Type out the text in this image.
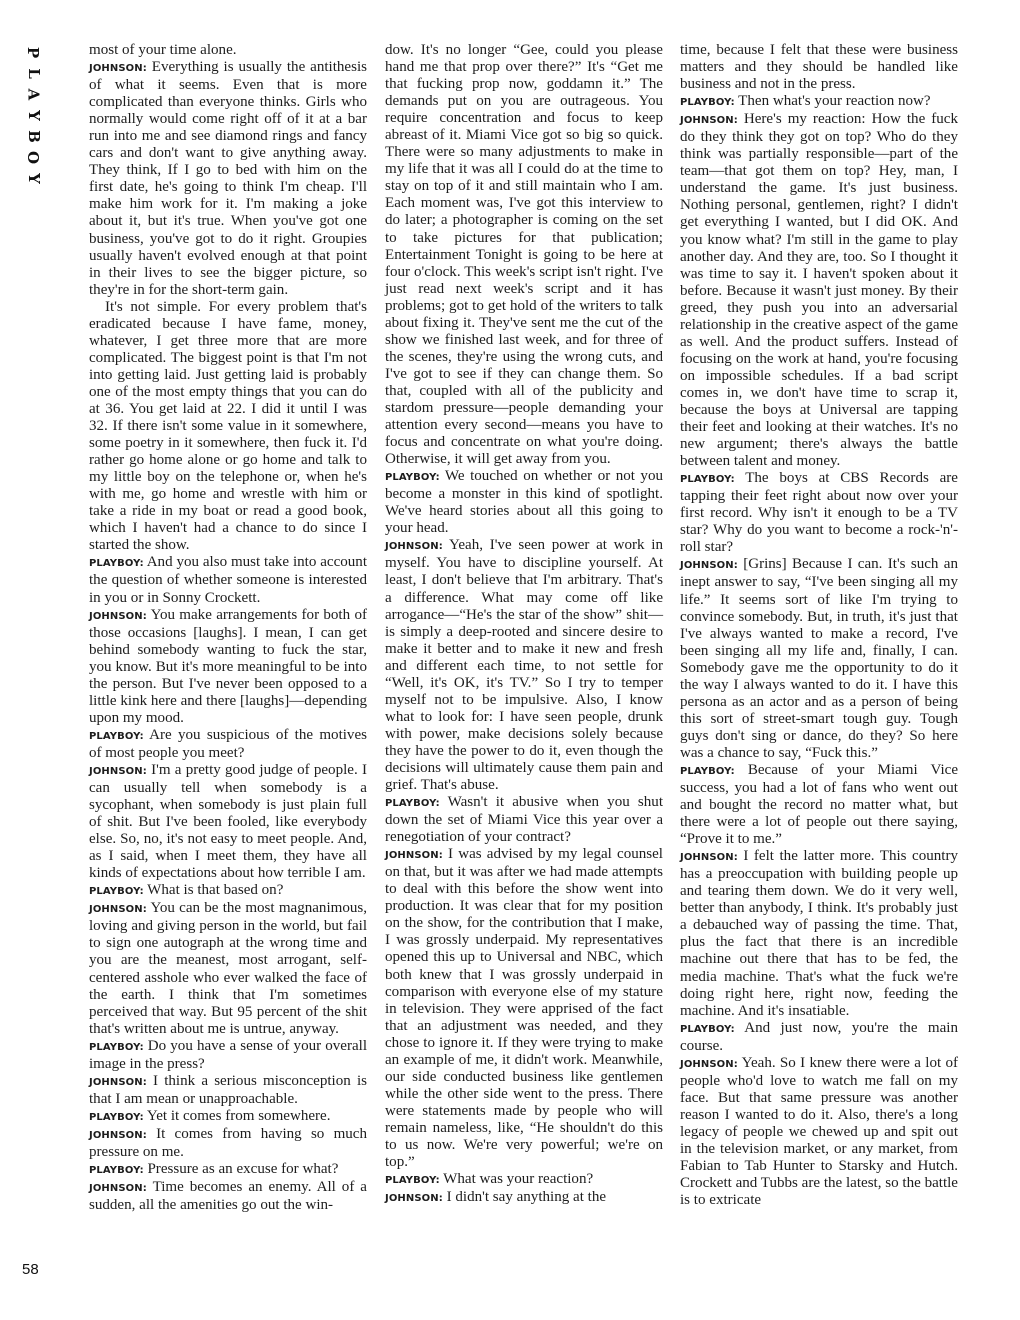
P
L
A
Y
B
O
Y
58

most of your time alone.

JOHNSON: Everything is usually the antithesis of what it seems. Even that is more complicated than everyone thinks. Girls who normally would come right off of it at a bar run into me and see diamond rings and fancy cars and don't want to give anything away. They think, If I go to bed with him on the first date, he's going to think I'm cheap. I'll make him work for it. I'm making a joke about it, but it's true. When you've got one business, you've got to do it right. Groupies usually haven't evolved enough at that point in their lives to see the bigger picture, so they're in for the short-term gain.

It's not simple. For every problem that's eradicated because I have fame, money, whatever, I get three more that are more complicated. The biggest point is that I'm not into getting laid. Just getting laid is probably one of the most empty things that you can do at 36. You get laid at 22. I did it until I was 32. If there isn't some value in it somewhere, some poetry in it somewhere, then fuck it. I'd rather go home alone or go home and talk to my little boy on the telephone or, when he's with me, go home and wrestle with him or take a ride in my boat or read a good book, which I haven't had a chance to do since I started the show.

PLAYBOY: And you also must take into account the question of whether someone is interested in you or in Sonny Crockett.

JOHNSON: You make arrangements for both of those occasions [laughs]. I mean, I can get behind somebody wanting to fuck the star, you know. But it's more meaningful to be into the person. But I've never been opposed to a little kink here and there [laughs]—depending upon my mood.

PLAYBOY: Are you suspicious of the motives of most people you meet?

JOHNSON: I'm a pretty good judge of people. I can usually tell when somebody is a sycophant, when somebody is just plain full of shit. But I've been fooled, like everybody else. So, no, it's not easy to meet people. And, as I said, when I meet them, they have all kinds of expectations about how terrible I am.

PLAYBOY: What is that based on?

JOHNSON: You can be the most magnanimous, loving and giving person in the world, but fail to sign one autograph at the wrong time and you are the meanest, most arrogant, self-centered asshole who ever walked the face of the earth. I think that I'm sometimes perceived that way. But 95 percent of the shit that's written about me is untrue, anyway.

PLAYBOY: Do you have a sense of your overall image in the press?

JOHNSON: I think a serious misconception is that I am mean or unapproachable.

PLAYBOY: Yet it comes from somewhere.

JOHNSON: It comes from having so much pressure on me.

PLAYBOY: Pressure as an excuse for what?

JOHNSON: Time becomes an enemy. All of a sudden, all the amenities go out the win-

dow. It's no longer “Gee, could you please hand me that prop over there?” It's “Get me that fucking prop now, goddamn it.” The demands put on you are outrageous. You require concentration and focus to keep abreast of it. Miami Vice got so big so quick. There were so many adjustments to make in my life that it was all I could do at the time to stay on top of it and still maintain who I am. Each moment was, I've got this interview to do later; a photographer is coming on the set to take pictures for that publication; Entertainment Tonight is going to be here at four o'clock. This week's script isn't right. I've just read next week's script and it has problems; got to get hold of the writers to talk about fixing it. They've sent me the cut of the show we finished last week, and for three of the scenes, they're using the wrong cuts, and I've got to see if they can change them. So that, coupled with all of the publicity and stardom pressure—people demanding your attention every second—means you have to focus and concentrate on what you're doing. Otherwise, it will get away from you.

PLAYBOY: We touched on whether or not you become a monster in this kind of spotlight. We've heard stories about all this going to your head.

JOHNSON: Yeah, I've seen power at work in myself. You have to discipline yourself. At least, I don't believe that I'm arbitrary. That's a difference. What may come off like arrogance—“He's the star of the show” shit—is simply a deep-rooted and sincere desire to make it better and to make it new and fresh and different each time, to not settle for “Well, it's OK, it's TV.” So I try to temper myself not to be impulsive. Also, I know what to look for: I have seen people, drunk with power, make decisions solely because they have the power to do it, even though the decisions will ultimately cause them pain and grief. That's abuse.

PLAYBOY: Wasn't it abusive when you shut down the set of Miami Vice this year over a renegotiation of your contract?

JOHNSON: I was advised by my legal counsel on that, but it was after we had made attempts to deal with this before the show went into production. It was clear that for my position on the show, for the contribution that I make, I was grossly underpaid. My representatives opened this up to Universal and NBC, which both knew that I was grossly underpaid in comparison with everyone else of my stature in television. They were apprised of the fact that an adjustment was needed, and they chose to ignore it. If they were trying to make an example of me, it didn't work. Meanwhile, our side conducted business like gentlemen while the other side went to the press. There were statements made by people who will remain nameless, like, “He shouldn't do this to us now. We're very powerful; we're on top.”

PLAYBOY: What was your reaction?

JOHNSON: I didn't say anything at the

time, because I felt that these were business matters and they should be handled like business and not in the press.

PLAYBOY: Then what's your reaction now?

JOHNSON: Here's my reaction: How the fuck do they think they got on top? Who do they think was partially responsible—part of the team—that got them on top? Hey, man, I understand the game. It's just business. Nothing personal, gentlemen, right? I didn't get everything I wanted, but I did OK. And you know what? I'm still in the game to play another day. And they are, too. So I thought it was time to say it. I haven't spoken about it before. Because it wasn't just money. By their greed, they push you into an adversarial relationship in the creative aspect of the game as well. And the product suffers. Instead of focusing on the work at hand, you're focusing on impossible schedules. If a bad script comes in, we don't have time to scrap it, because the boys at Universal are tapping their feet and looking at their watches. It's no new argument; there's always the battle between talent and money.

PLAYBOY: The boys at CBS Records are tapping their feet right about now over your first record. Why isn't it enough to be a TV star? Why do you want to become a rock-'n'-roll star?

JOHNSON: [Grins] Because I can. It's such an inept answer to say, “I've been singing all my life.” It seems sort of like I'm trying to convince somebody. But, in truth, it's just that I've always wanted to make a record, I've been singing all my life and, finally, I can. Somebody gave me the opportunity to do it the way I always wanted to do it. I have this persona as an actor and as a person of being this sort of street-smart tough guy. Tough guys don't sing or dance, do they? So here was a chance to say, “Fuck this.”

PLAYBOY: Because of your Miami Vice success, you had a lot of fans who went out and bought the record no matter what, but there were a lot of people out there saying, “Prove it to me.”

JOHNSON: I felt the latter more. This country has a preoccupation with building people up and tearing them down. We do it very well, better than anybody, I think. It's probably just a debauched way of passing the time. That, plus the fact that there is an incredible machine out there that has to be fed, the media machine. That's what the fuck we're doing right here, right now, feeding the machine. And it's insatiable.

PLAYBOY: And just now, you're the main course.

JOHNSON: Yeah. So I knew there were a lot of people who'd love to watch me fall on my face. But that same pressure was another reason I wanted to do it. Also, there's a long legacy of people we chewed up and spit out in the television market, or any market, from Fabian to Tab Hunter to Starsky and Hutch. Crockett and Tubbs are the latest, so the battle is to extricate
